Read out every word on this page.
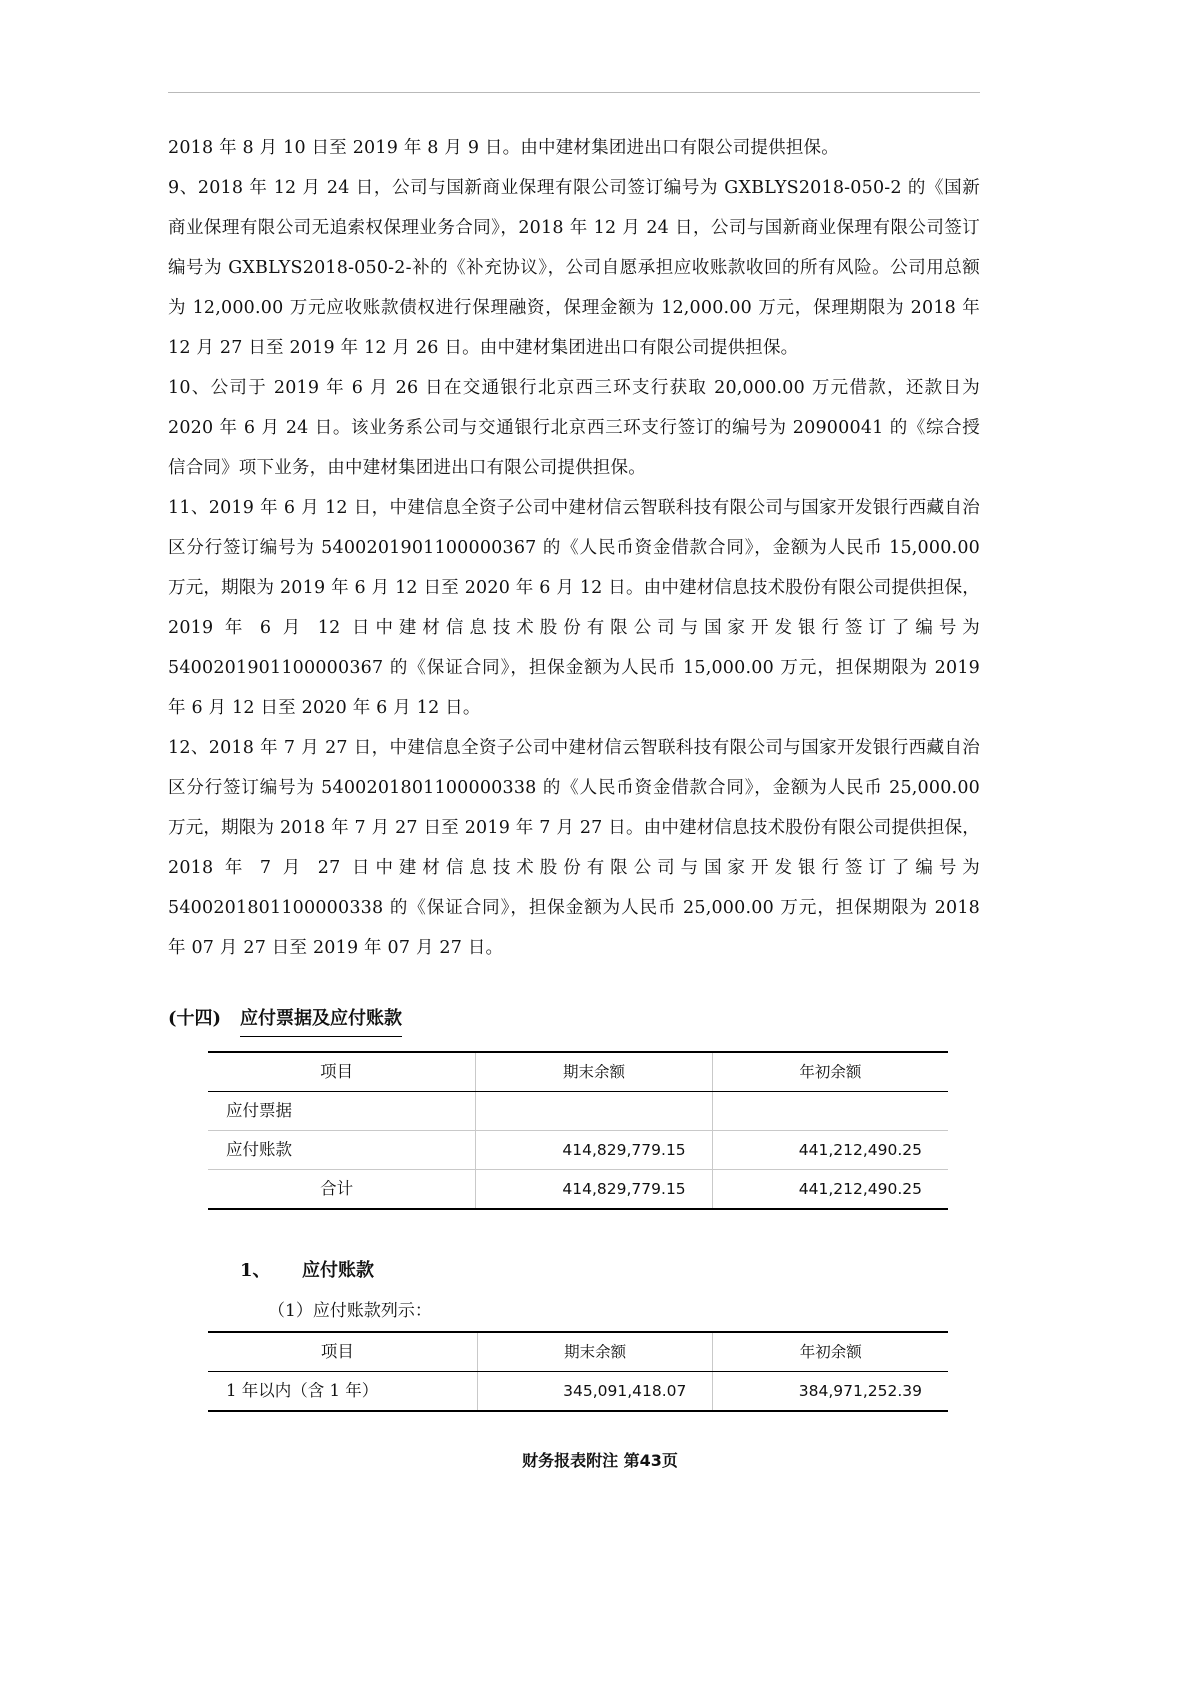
2018 年 8 月 10 日至 2019 年 8 月 9 日。由中建材集团进出口有限公司提供担保。

9、2018 年 12 月 24 日，公司与国新商业保理有限公司签订编号为 GXBLYS2018-050-2 的《国新商业保理有限公司无追索权保理业务合同》，2018 年 12 月 24 日，公司与国新商业保理有限公司签订编号为 GXBLYS2018-050-2-补的《补充协议》，公司自愿承担应收账款收回的所有风险。公司用总额为 12,000.00 万元应收账款债权进行保理融资，保理金额为 12,000.00 万元，保理期限为 2018 年 12 月 27 日至 2019 年 12 月 26 日。由中建材集团进出口有限公司提供担保。

10、公司于 2019 年 6 月 26 日在交通银行北京西三环支行获取 20,000.00 万元借款，还款日为 2020 年 6 月 24 日。该业务系公司与交通银行北京西三环支行签订的编号为 20900041 的《综合授信合同》项下业务，由中建材集团进出口有限公司提供担保。

11、2019 年 6 月 12 日，中建信息全资子公司中建材信云智联科技有限公司与国家开发银行西藏自治区分行签订编号为 5400201901100000367 的《人民币资金借款合同》，金额为人民币 15,000.00 万元，期限为 2019 年 6 月 12 日至 2020 年 6 月 12 日。由中建材信息技术股份有限公司提供担保，2019 年 6 月 12 日中建材信息技术股份有限公司与国家开发银行签订了编号为 5400201901100000367 的《保证合同》，担保金额为人民币 15,000.00 万元，担保期限为 2019 年 6 月 12 日至 2020 年 6 月 12 日。

12、2018 年 7 月 27 日，中建信息全资子公司中建材信云智联科技有限公司与国家开发银行西藏自治区分行签订编号为 5400201801100000338 的《人民币资金借款合同》，金额为人民币 25,000.00 万元，期限为 2018 年 7 月 27 日至 2019 年 7 月 27 日。由中建材信息技术股份有限公司提供担保，2018 年 7 月 27 日中建材信息技术股份有限公司与国家开发银行签订了编号为 5400201801100000338 的《保证合同》，担保金额为人民币 25,000.00 万元，担保期限为 2018 年 07 月 27 日至 2019 年 07 月 27 日。

(十四)	应付票据及应付账款
项目	期末余额	年初余额
应付票据		
应付账款	414,829,779.15	441,212,490.25
合计	414,829,779.15	441,212,490.25
1、	应付账款
（1）应付账款列示：
项目	期末余额	年初余额
1 年以内（含 1 年）	345,091,418.07	384,971,252.39
财务报表附注 第43页
